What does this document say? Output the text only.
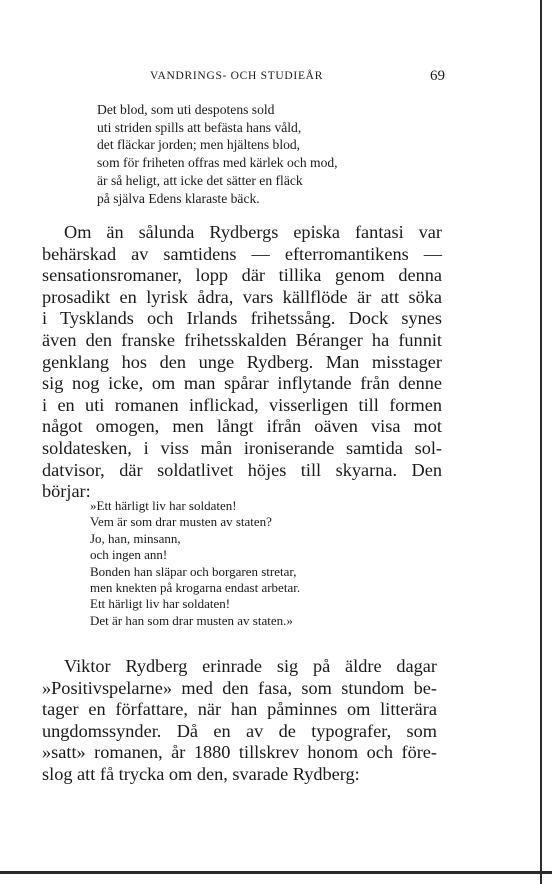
VANDRINGS- OCH STUDIEÅR	69
Det blod, som uti despotens sold
uti striden spills att befästa hans våld,
det fläckar jorden; men hjältens blod,
som för friheten offras med kärlek och mod,
är så heligt, att icke det sätter en fläck
på själva Edens klaraste bäck.
Om än sålunda Rydbergs episka fantasi var
behärskad av samtidens — efterromantikens —
sensationsromaner, lopp där tillika genom denna
prosadikt en lyrisk ådra, vars källflöde är att söka
i Tysklands och Irlands frihetssång. Dock synes
även den franske frihetsskalden Béranger ha funnit
genklang hos den unge Rydberg. Man misstager
sig nog icke, om man spårar inflytande från denne
i en uti romanen inflickad, visserligen till formen
något omogen, men långt ifrån oäven visa mot
soldatesken, i viss mån ironiserande samtida sol-
datvisor, där soldatlivet höjes till skyarna. Den
börjar:
»Ett härligt liv har soldaten!
Vem är som drar musten av staten?
Jo, han, minsann,
och ingen ann!
Bonden han släpar och borgaren stretar,
men knekten på krogarna endast arbetar.
Ett härligt liv har soldaten!
Det är han som drar musten av staten.»
Viktor Rydberg erinrade sig på äldre dagar
»Positivspelarne» med den fasa, som stundom be-
tager en författare, när han påminnes om litterära
ungdomssynder. Då en av de typografer, som
»satt» romanen, år 1880 tillskrev honom och före-
slog att få trycka om den, svarade Rydberg:
